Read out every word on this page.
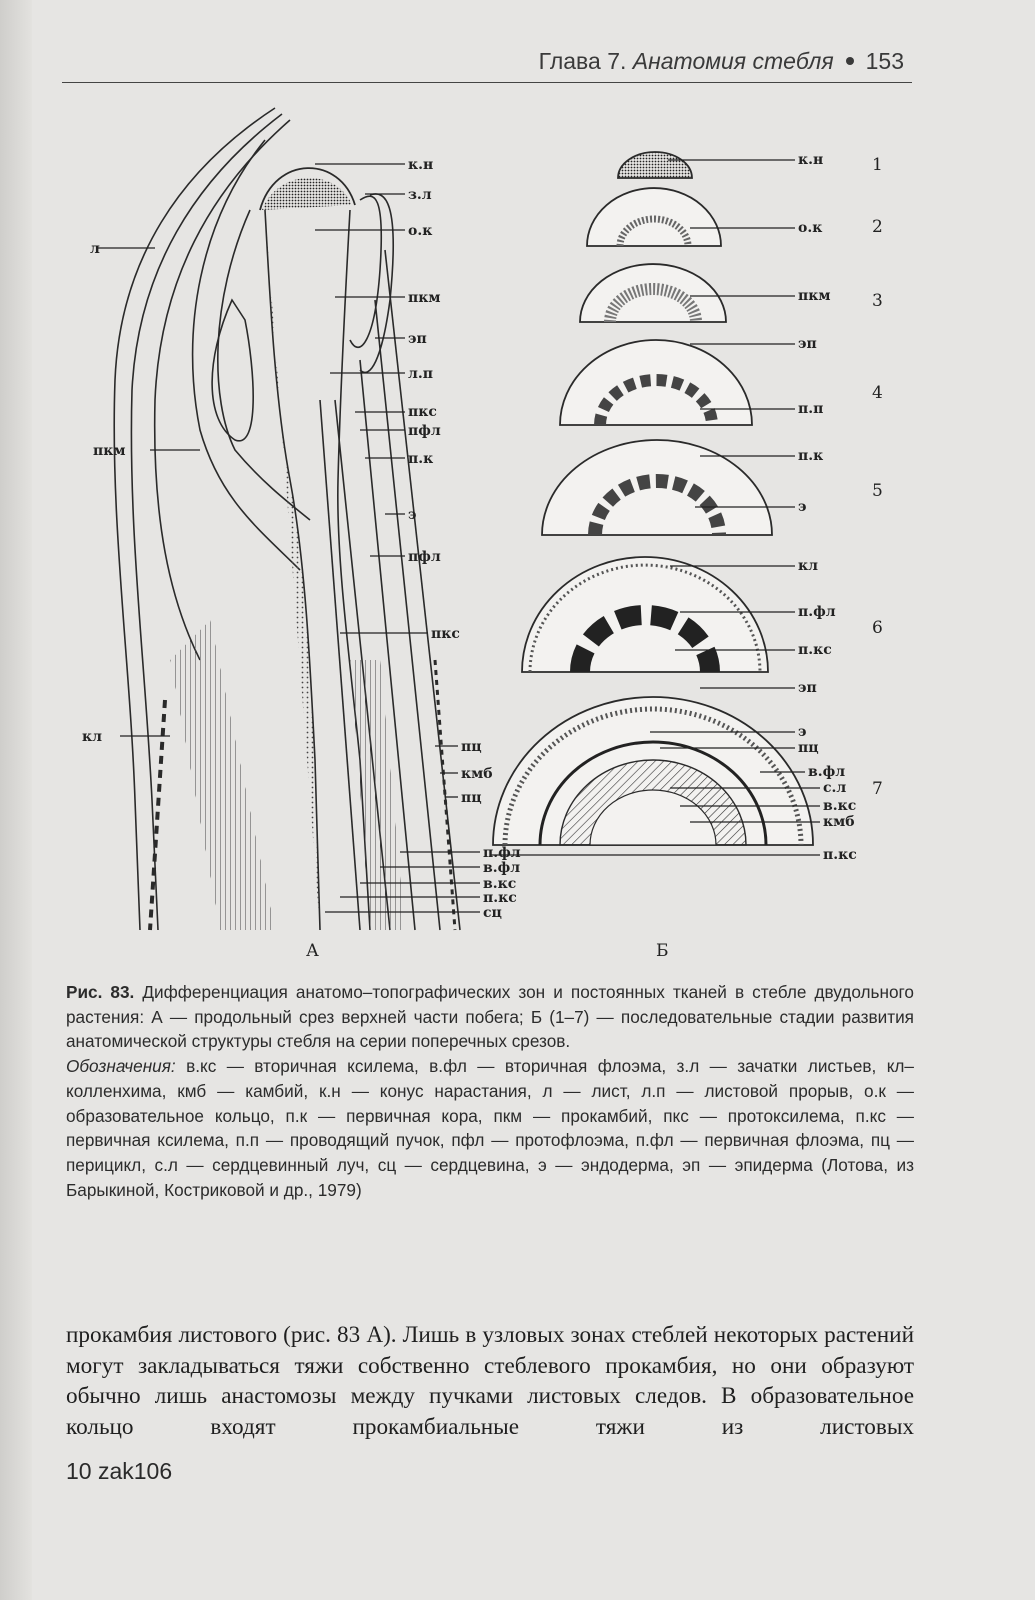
Глава 7. Анатомия стебля 153
к.н
з.л
о.к
л
пкм
эп
л.п
пкс
пфл
п.к
пкм
э
пфл
пкс
кл
пц
кмб
пц
п.фл
в.фл
в.кс
п.кс
сц
А
к.н
о.к
пкм
эп
п.п
п.к
э
кл
п.фл
п.кс
эп
э
пц
в.фл
с.л
в.кс
кмб
п.кс
Б
1
2
3
4
5
6
7
Рис. 83. Дифференциация анатомо–топографических зон и постоянных тканей в стебле двудольного растения: А — продольный срез верхней части побега; Б (1–7) — последовательные стадии развития анатомической структуры стебля на серии поперечных срезов.
Обозначения: в.кс — вторичная ксилема, в.фл — вторичная флоэма, з.л — зачатки листьев, кл– колленхима, кмб — камбий, к.н — конус нарастания, л — лист, л.п — листовой прорыв, о.к — образовательное кольцо, п.к — первичная кора, пкм — прокамбий, пкс — протоксилема, п.кс — первичная ксилема, п.п — проводящий пучок, пфл — протофлоэма, п.фл — первичная флоэма, пц — перицикл, с.л — сердцевинный луч, сц — сердцевина, э — эндодерма, эп — эпидерма (Лотова, из Барыкиной, Костриковой и др., 1979)
прокамбия листового (рис. 83 А). Лишь в узловых зонах стеблей некоторых растений могут закладываться тяжи собственно стеблевого прокамбия, но они образуют обычно лишь анастомозы между пучками листовых следов. В образовательное кольцо входят прокамбиальные тяжи из листовых
10 zak106
